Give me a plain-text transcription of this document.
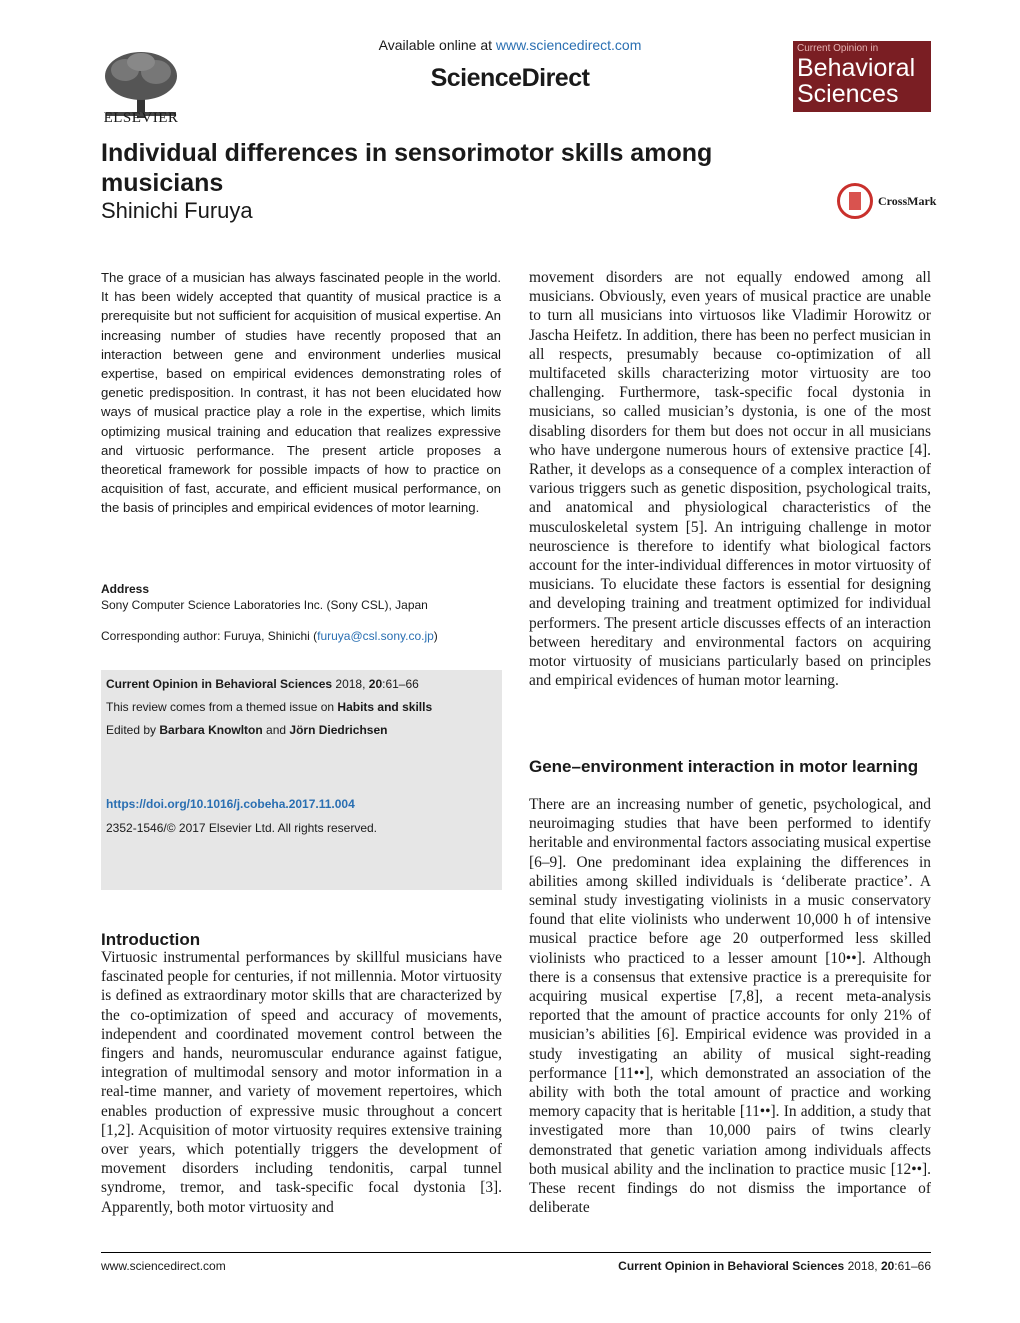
ELSEVIER
Available online at www.sciencedirect.com
ScienceDirect
Current Opinion in
Behavioral
Sciences
Individual differences in sensorimotor skills among musicians
Shinichi Furuya	CrossMark
The grace of a musician has always fascinated people in the world. It has been widely accepted that quantity of musical practice is a prerequisite but not sufficient for acquisition of musical expertise. An increasing number of studies have recently proposed that an interaction between gene and environment underlies musical expertise, based on empirical evidences demonstrating roles of genetic predisposition. In contrast, it has not been elucidated how ways of musical practice play a role in the expertise, which limits optimizing musical training and education that realizes expressive and virtuosic performance. The present article proposes a theoretical framework for possible impacts of how to practice on acquisition of fast, accurate, and efficient musical performance, on the basis of principles and empirical evidences of motor learning.
Address
Sony Computer Science Laboratories Inc. (Sony CSL), Japan
Corresponding author: Furuya, Shinichi (furuya@csl.sony.co.jp)
Current Opinion in Behavioral Sciences 2018, 20:61–66
This review comes from a themed issue on Habits and skills
Edited by Barbara Knowlton and Jörn Diedrichsen
https://doi.org/10.1016/j.cobeha.2017.11.004
2352-1546/© 2017 Elsevier Ltd. All rights reserved.
Introduction
Virtuosic instrumental performances by skillful musicians have fascinated people for centuries, if not millennia. Motor virtuosity is defined as extraordinary motor skills that are characterized by the co-optimization of speed and accuracy of movements, independent and coordinated movement control between the fingers and hands, neuromuscular endurance against fatigue, integration of multimodal sensory and motor information in a real-time manner, and variety of movement repertoires, which enables production of expressive music throughout a concert [1,2]. Acquisition of motor virtuosity requires extensive training over years, which potentially triggers the development of movement disorders including tendonitis, carpal tunnel syndrome, tremor, and task-specific focal dystonia [3]. Apparently, both motor virtuosity and
movement disorders are not equally endowed among all musicians. Obviously, even years of musical practice are unable to turn all musicians into virtuosos like Vladimir Horowitz or Jascha Heifetz. In addition, there has been no perfect musician in all respects, presumably because co-optimization of all multifaceted skills characterizing motor virtuosity are too challenging. Furthermore, task-specific focal dystonia in musicians, so called musician’s dystonia, is one of the most disabling disorders for them but does not occur in all musicians who have undergone numerous hours of extensive practice [4]. Rather, it develops as a consequence of a complex interaction of various triggers such as genetic disposition, psychological traits, and anatomical and physiological characteristics of the musculoskeletal system [5]. An intriguing challenge in motor neuroscience is therefore to identify what biological factors account for the inter-individual differences in motor virtuosity of musicians. To elucidate these factors is essential for designing and developing training and treatment optimized for individual performers. The present article discusses effects of an interaction between hereditary and environmental factors on acquiring motor virtuosity of musicians particularly based on principles and empirical evidences of human motor learning.
Gene–environment interaction in motor learning
There are an increasing number of genetic, psychological, and neuroimaging studies that have been performed to identify heritable and environmental factors associating musical expertise [6–9]. One predominant idea explaining the differences in abilities among skilled individuals is ‘deliberate practice’. A seminal study investigating violinists in a music conservatory found that elite violinists who underwent 10,000 h of intensive musical practice before age 20 outperformed less skilled violinists who practiced to a lesser amount [10••]. Although there is a consensus that extensive practice is a prerequisite for acquiring musical expertise [7,8], a recent meta-analysis reported that the amount of practice accounts for only 21% of musician’s abilities [6]. Empirical evidence was provided in a study investigating an ability of musical sight-reading performance [11••], which demonstrated an association of the ability with both the total amount of practice and working memory capacity that is heritable [11••]. In addition, a study that investigated more than 10,000 pairs of twins clearly demonstrated that genetic variation among individuals affects both musical ability and the inclination to practice music [12••]. These recent findings do not dismiss the importance of deliberate
www.sciencedirect.com	Current Opinion in Behavioral Sciences 2018, 20:61–66
